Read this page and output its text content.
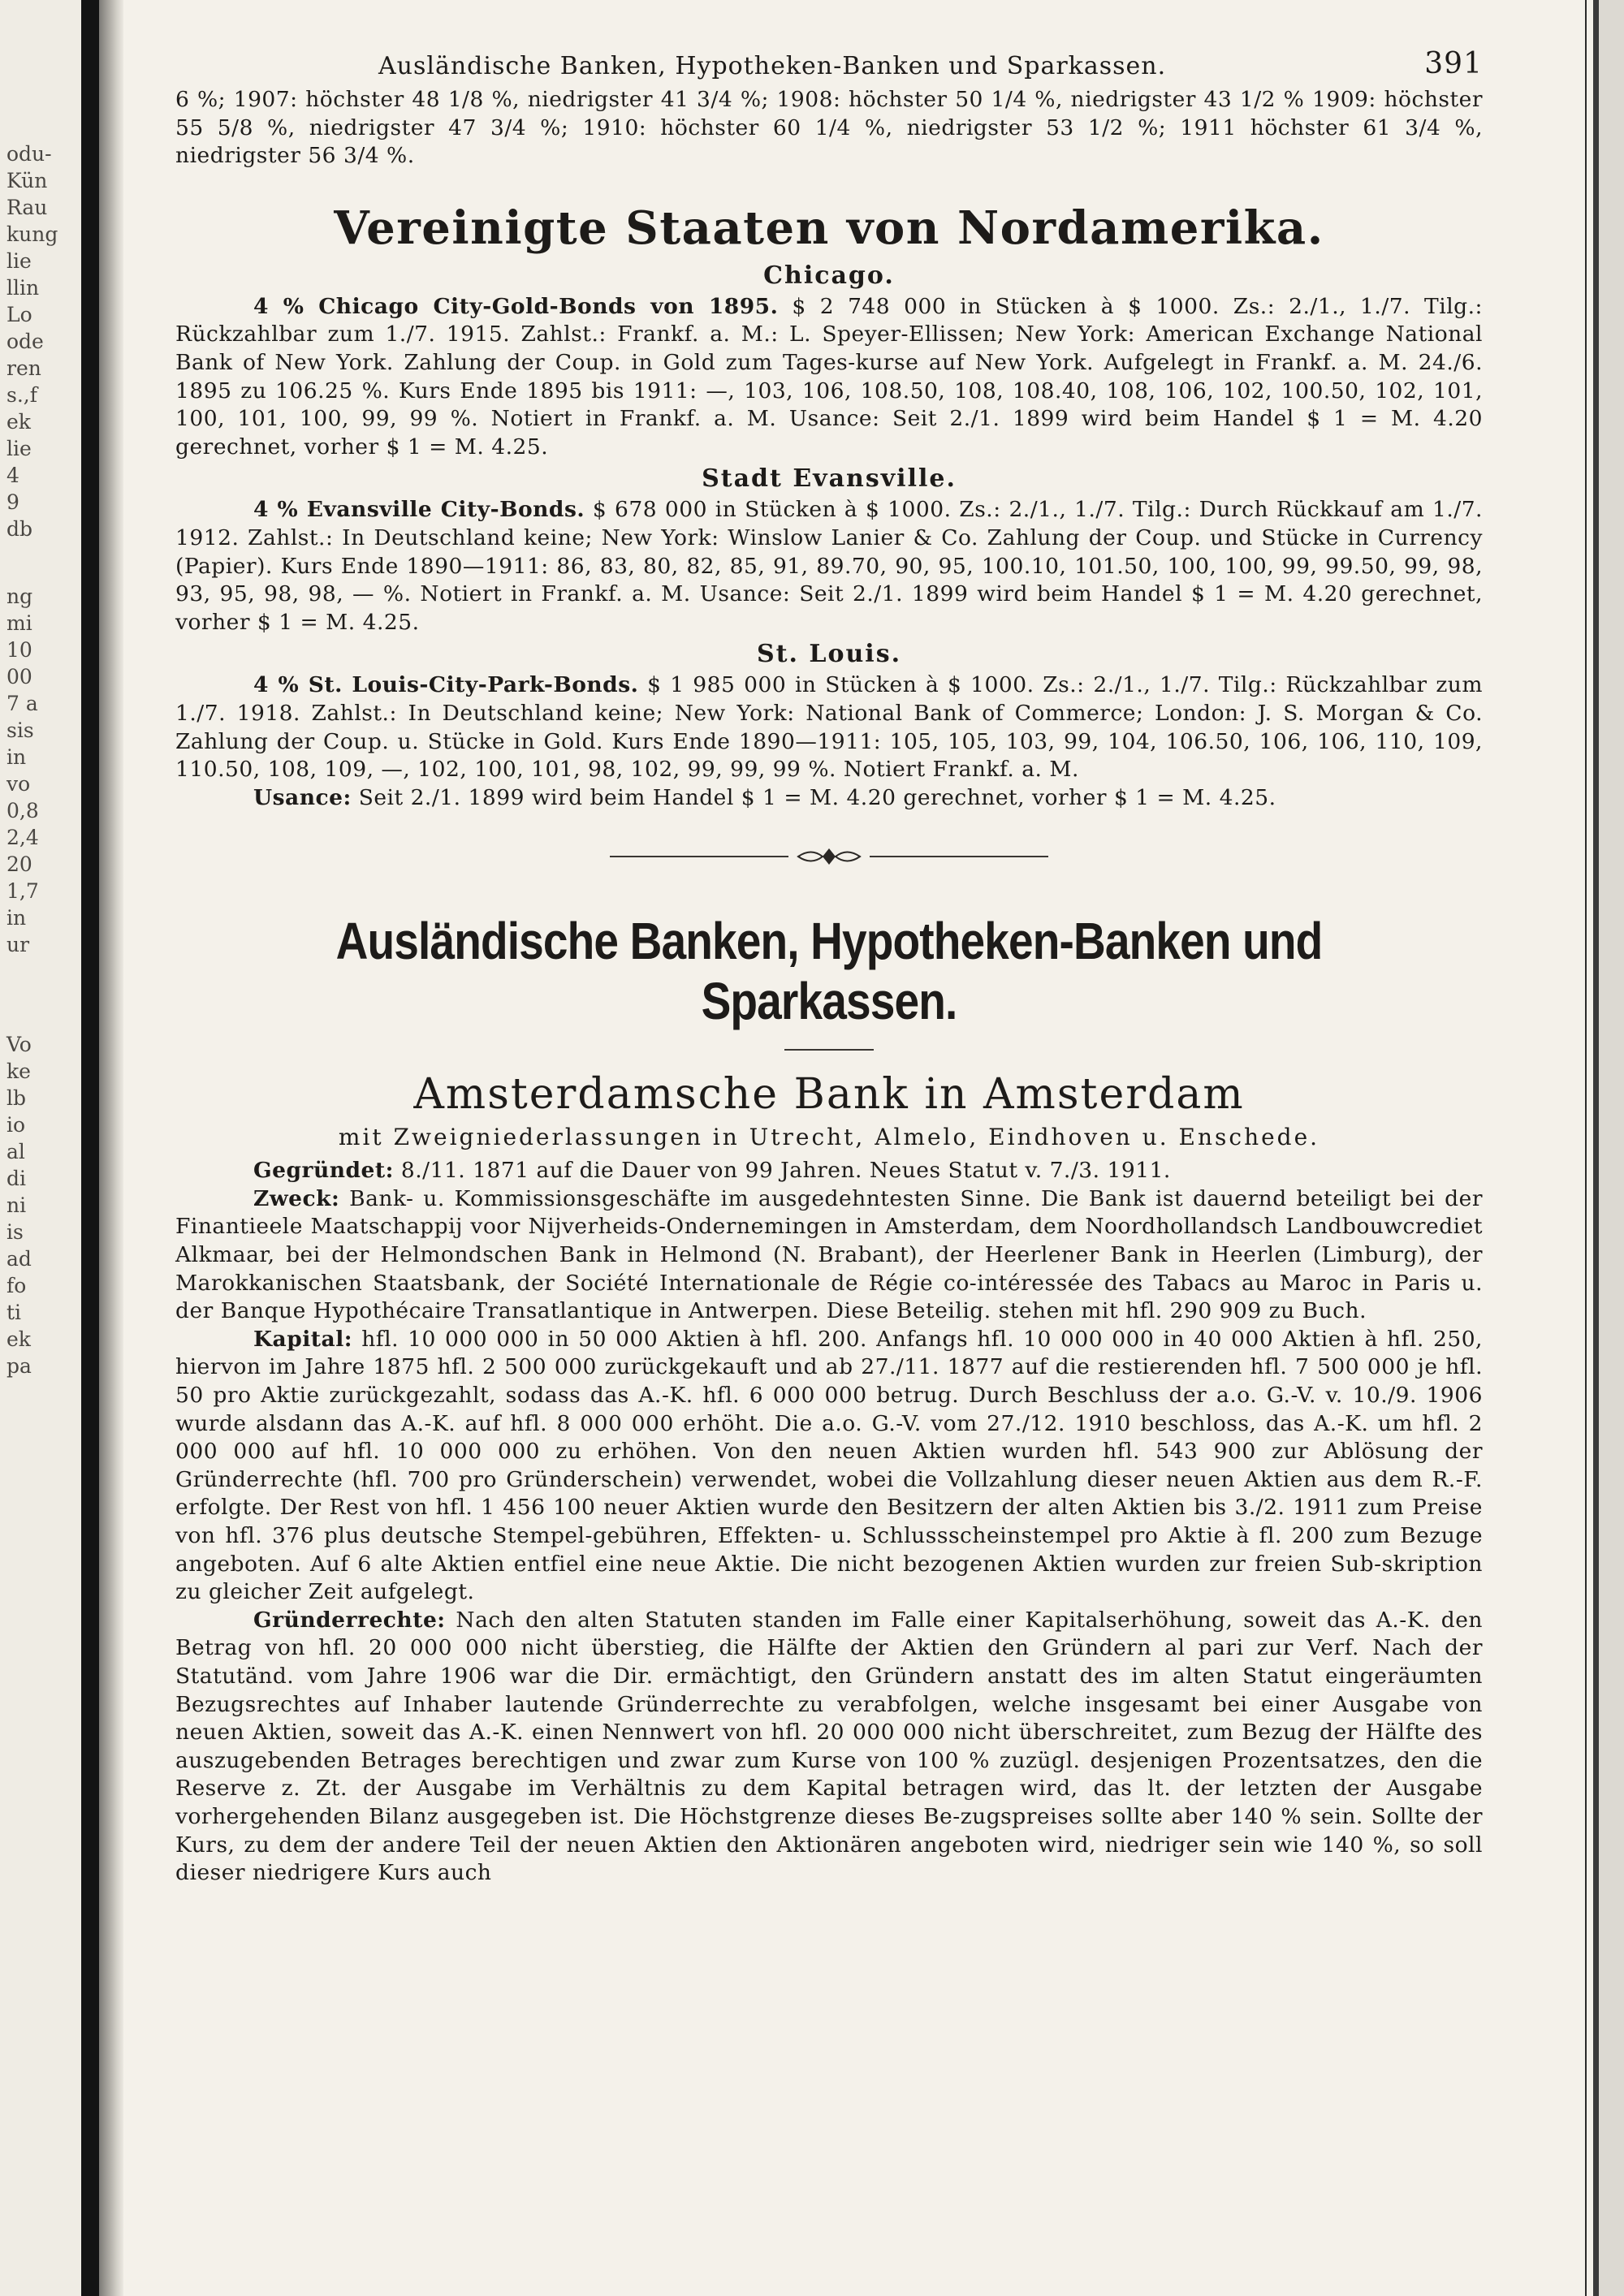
odu-
Kün
Rau
kung
lie
llin
Lo
ode
ren
s.,f
ek
lie
4
9
db
ng
mi
10
00
7 a
sis
in
vo
0,8
2,4
20
1,7
in
ur
Vo
ke
lb
io
al
di
ni
is
ad
fo
ti
ek
pa
Ausländische Banken, Hypotheken-Banken und Sparkassen.	391

6 %; 1907: höchster 48 1/8 %, niedrigster 41 3/4 %; 1908: höchster 50 1/4 %, niedrigster 43 1/2 % 1909: höchster 55 5/8 %, niedrigster 47 3/4 %; 1910: höchster 60 1/4 %, niedrigster 53 1/2 %; 1911 höchster 61 3/4 %, niedrigster 56 3/4 %.

Vereinigte Staaten von Nordamerika.
Chicago.

4 % Chicago City-Gold-Bonds von 1895. $ 2 748 000 in Stücken à $ 1000. Zs.: 2./1., 1./7. Tilg.: Rückzahlbar zum 1./7. 1915. Zahlst.: Frankf. a. M.: L. Speyer-Ellissen; New York: American Exchange National Bank of New York. Zahlung der Coup. in Gold zum Tages-kurse auf New York. Aufgelegt in Frankf. a. M. 24./6. 1895 zu 106.25 %. Kurs Ende 1895 bis 1911: —, 103, 106, 108.50, 108, 108.40, 108, 106, 102, 100.50, 102, 101, 100, 101, 100, 99, 99 %. Notiert in Frankf. a. M. Usance: Seit 2./1. 1899 wird beim Handel $ 1 = M. 4.20 gerechnet, vorher $ 1 = M. 4.25.

Stadt Evansville.

4 % Evansville City-Bonds. $ 678 000 in Stücken à $ 1000. Zs.: 2./1., 1./7. Tilg.: Durch Rückkauf am 1./7. 1912. Zahlst.: In Deutschland keine; New York: Winslow Lanier & Co. Zahlung der Coup. und Stücke in Currency (Papier). Kurs Ende 1890—1911: 86, 83, 80, 82, 85, 91, 89.70, 90, 95, 100.10, 101.50, 100, 100, 99, 99.50, 99, 98, 93, 95, 98, 98, — %. Notiert in Frankf. a. M. Usance: Seit 2./1. 1899 wird beim Handel $ 1 = M. 4.20 gerechnet, vorher $ 1 = M. 4.25.

St. Louis.

4 % St. Louis-City-Park-Bonds. $ 1 985 000 in Stücken à $ 1000. Zs.: 2./1., 1./7. Tilg.: Rückzahlbar zum 1./7. 1918. Zahlst.: In Deutschland keine; New York: National Bank of Commerce; London: J. S. Morgan & Co. Zahlung der Coup. u. Stücke in Gold. Kurs Ende 1890—1911: 105, 105, 103, 99, 104, 106.50, 106, 106, 110, 109, 110.50, 108, 109, —, 102, 100, 101, 98, 102, 99, 99, 99 %. Notiert Frankf. a. M.

Usance: Seit 2./1. 1899 wird beim Handel $ 1 = M. 4.20 gerechnet, vorher $ 1 = M. 4.25.

Ausländische Banken, Hypotheken-Banken und Sparkassen.
Amsterdamsche Bank in Amsterdam
mit Zweigniederlassungen in Utrecht, Almelo, Eindhoven u. Enschede.

Gegründet: 8./11. 1871 auf die Dauer von 99 Jahren. Neues Statut v. 7./3. 1911.

Zweck: Bank- u. Kommissionsgeschäfte im ausgedehntesten Sinne. Die Bank ist dauernd beteiligt bei der Finantieele Maatschappij voor Nijverheids-Ondernemingen in Amsterdam, dem Noordhollandsch Landbouwcrediet Alkmaar, bei der Helmondschen Bank in Helmond (N. Brabant), der Heerlener Bank in Heerlen (Limburg), der Marokkanischen Staatsbank, der Société Internationale de Régie co-intéressée des Tabacs au Maroc in Paris u. der Banque Hypothécaire Transatlantique in Antwerpen. Diese Beteilig. stehen mit hfl. 290 909 zu Buch.

Kapital: hfl. 10 000 000 in 50 000 Aktien à hfl. 200. Anfangs hfl. 10 000 000 in 40 000 Aktien à hfl. 250, hiervon im Jahre 1875 hfl. 2 500 000 zurückgekauft und ab 27./11. 1877 auf die restierenden hfl. 7 500 000 je hfl. 50 pro Aktie zurückgezahlt, sodass das A.-K. hfl. 6 000 000 betrug. Durch Beschluss der a.o. G.-V. v. 10./9. 1906 wurde alsdann das A.-K. auf hfl. 8 000 000 erhöht. Die a.o. G.-V. vom 27./12. 1910 beschloss, das A.-K. um hfl. 2 000 000 auf hfl. 10 000 000 zu erhöhen. Von den neuen Aktien wurden hfl. 543 900 zur Ablösung der Gründerrechte (hfl. 700 pro Gründerschein) verwendet, wobei die Vollzahlung dieser neuen Aktien aus dem R.-F. erfolgte. Der Rest von hfl. 1 456 100 neuer Aktien wurde den Besitzern der alten Aktien bis 3./2. 1911 zum Preise von hfl. 376 plus deutsche Stempel-gebühren, Effekten- u. Schlussscheinstempel pro Aktie à fl. 200 zum Bezuge angeboten. Auf 6 alte Aktien entfiel eine neue Aktie. Die nicht bezogenen Aktien wurden zur freien Sub-skription zu gleicher Zeit aufgelegt.

Gründerrechte: Nach den alten Statuten standen im Falle einer Kapitalserhöhung, soweit das A.-K. den Betrag von hfl. 20 000 000 nicht überstieg, die Hälfte der Aktien den Gründern al pari zur Verf. Nach der Statutänd. vom Jahre 1906 war die Dir. ermächtigt, den Gründern anstatt des im alten Statut eingeräumten Bezugsrechtes auf Inhaber lautende Gründerrechte zu verabfolgen, welche insgesamt bei einer Ausgabe von neuen Aktien, soweit das A.-K. einen Nennwert von hfl. 20 000 000 nicht überschreitet, zum Bezug der Hälfte des auszugebenden Betrages berechtigen und zwar zum Kurse von 100 % zuzügl. desjenigen Prozentsatzes, den die Reserve z. Zt. der Ausgabe im Verhältnis zu dem Kapital betragen wird, das lt. der letzten der Ausgabe vorhergehenden Bilanz ausgegeben ist. Die Höchstgrenze dieses Be-zugspreises sollte aber 140 % sein. Sollte der Kurs, zu dem der andere Teil der neuen Aktien den Aktionären angeboten wird, niedriger sein wie 140 %, so soll dieser niedrigere Kurs auch
